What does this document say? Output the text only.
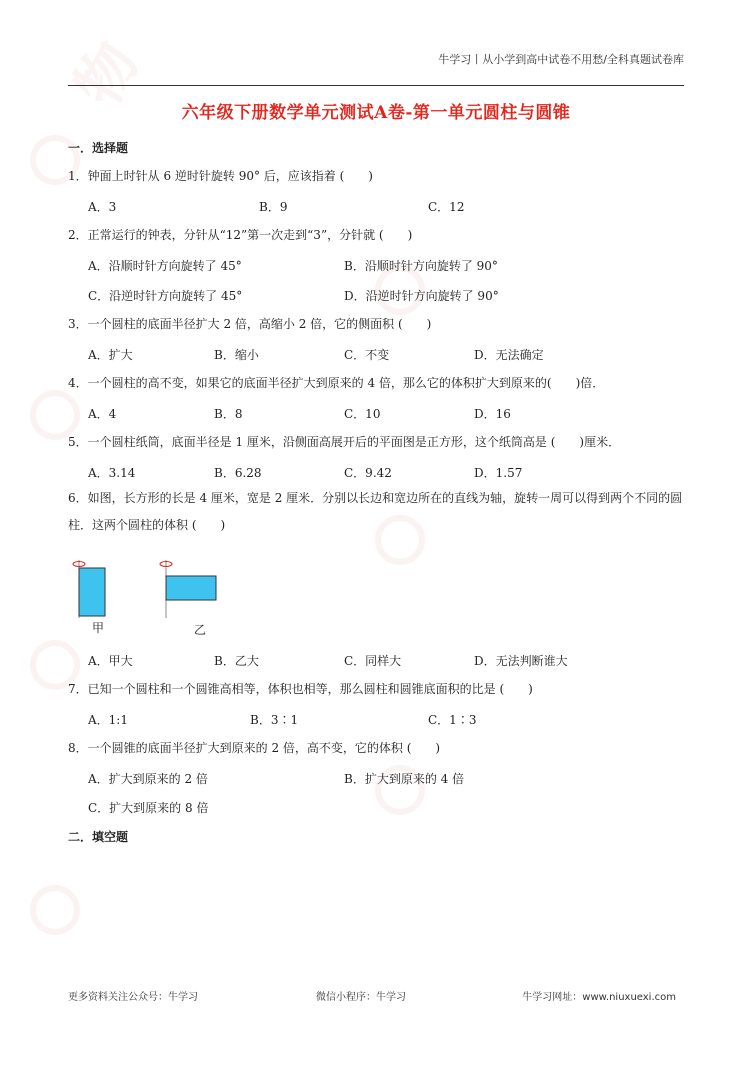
物	牛学习丨从小学到高中试卷不用愁/全科真题试卷库
六年级下册数学单元测试A卷-第一单元圆柱与圆锥
一．选择题
1．钟面上时针从 6 逆时针旋转 90° 后，应该指着 (　　)
A．3	B．9	C．12
2．正常运行的钟表，分针从“12”第一次走到“3”，分针就 (　　)
A．沿顺时针方向旋转了 45°	B．沿顺时针方向旋转了 90°
C．沿逆时针方向旋转了 45°	D．沿逆时针方向旋转了 90°
3．一个圆柱的底面半径扩大 2 倍，高缩小 2 倍，它的侧面积 (　　)
A．扩大	B．缩小	C．不变	D．无法确定
4．一个圆柱的高不变，如果它的底面半径扩大到原来的 4 倍，那么它的体积扩大到原来的(　　)倍．
A．4	B．8	C．10	D．16
5．一个圆柱纸筒，底面半径是 1 厘米，沿侧面高展开后的平面图是正方形，这个纸筒高是 (　　)厘米．
A．3.14	B．6.28	C．9.42	D．1.57
6．如图，长方形的长是 4 厘米，宽是 2 厘米．分别以长边和宽边所在的直线为轴，旋转一周可以得到两个不同的圆柱．这两个圆柱的体积 (　　)
甲	乙
A．甲大	B．乙大	C．同样大	D．无法判断谁大
7．已知一个圆柱和一个圆锥高相等，体积也相等，那么圆柱和圆锥底面积的比是 (　　)
A．1:1	B．3∶1	C．1∶3
8．一个圆锥的底面半径扩大到原来的 2 倍，高不变，它的体积 (　　)
A．扩大到原来的 2 倍	B．扩大到原来的 4 倍
C．扩大到原来的 8 倍
二．填空题
更多资料关注公众号：牛学习	微信小程序：牛学习	牛学习网址：www.niuxuexi.com
